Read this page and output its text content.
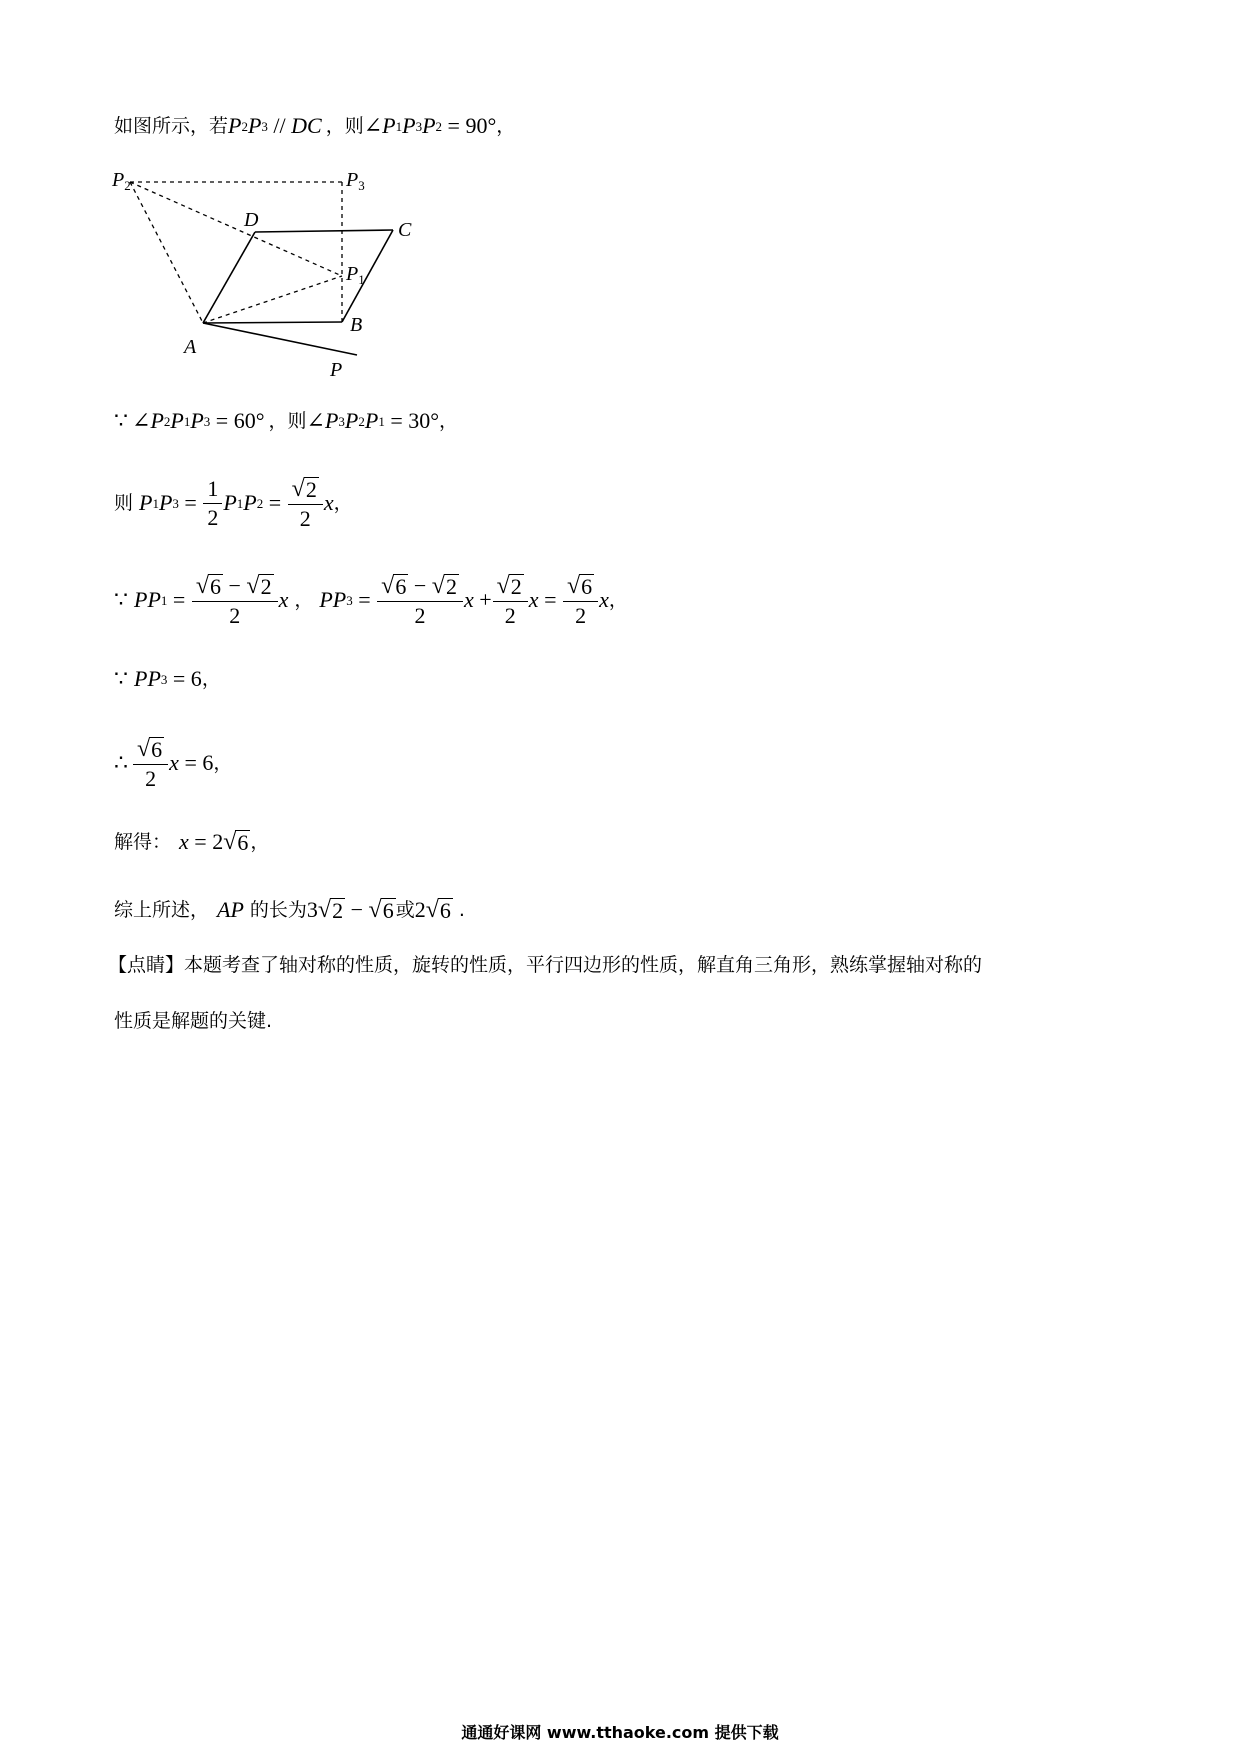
如图所示，若 P 2 P 3 // DC ，则 ∠ P 1 P 3 P 2 = 90° ，
$P_2$	$P_3$
D	C
$P_1$
A
B
P
∵ ∠ P 2 P 1 P 3 = 60° ，则 ∠ P 3 P 2 P 1 = 30° ，
则 P 1 P $3 = \frac{1}{2}$ P 1 P $2 = \frac{√ 2}{2}$ x ，
∵ PP $1 = \frac{√ 6 - √ 2}{2}$ x ， PP $3 = \frac{√ 6 - √ 2}{2}$ $x + \frac{√ 2}{2}$ $x = \frac{√ 6}{2}$ x ，
∵ PP 3 = 6 ，
∴ $\frac{√ 6}{2}$ x = 6 ，
解得： x = 2 √ 6 ，
综上所述， AP 的长为 3 √ 2 − √ 6 或 2 √ 6 .
【点睛】本题考查了轴对称的性质，旋转的性质，平行四边形的性质，解直角三角形，熟练掌握轴对称的
性质是解题的关键.
通通好课网 www.tthaoke.com 提供下载
